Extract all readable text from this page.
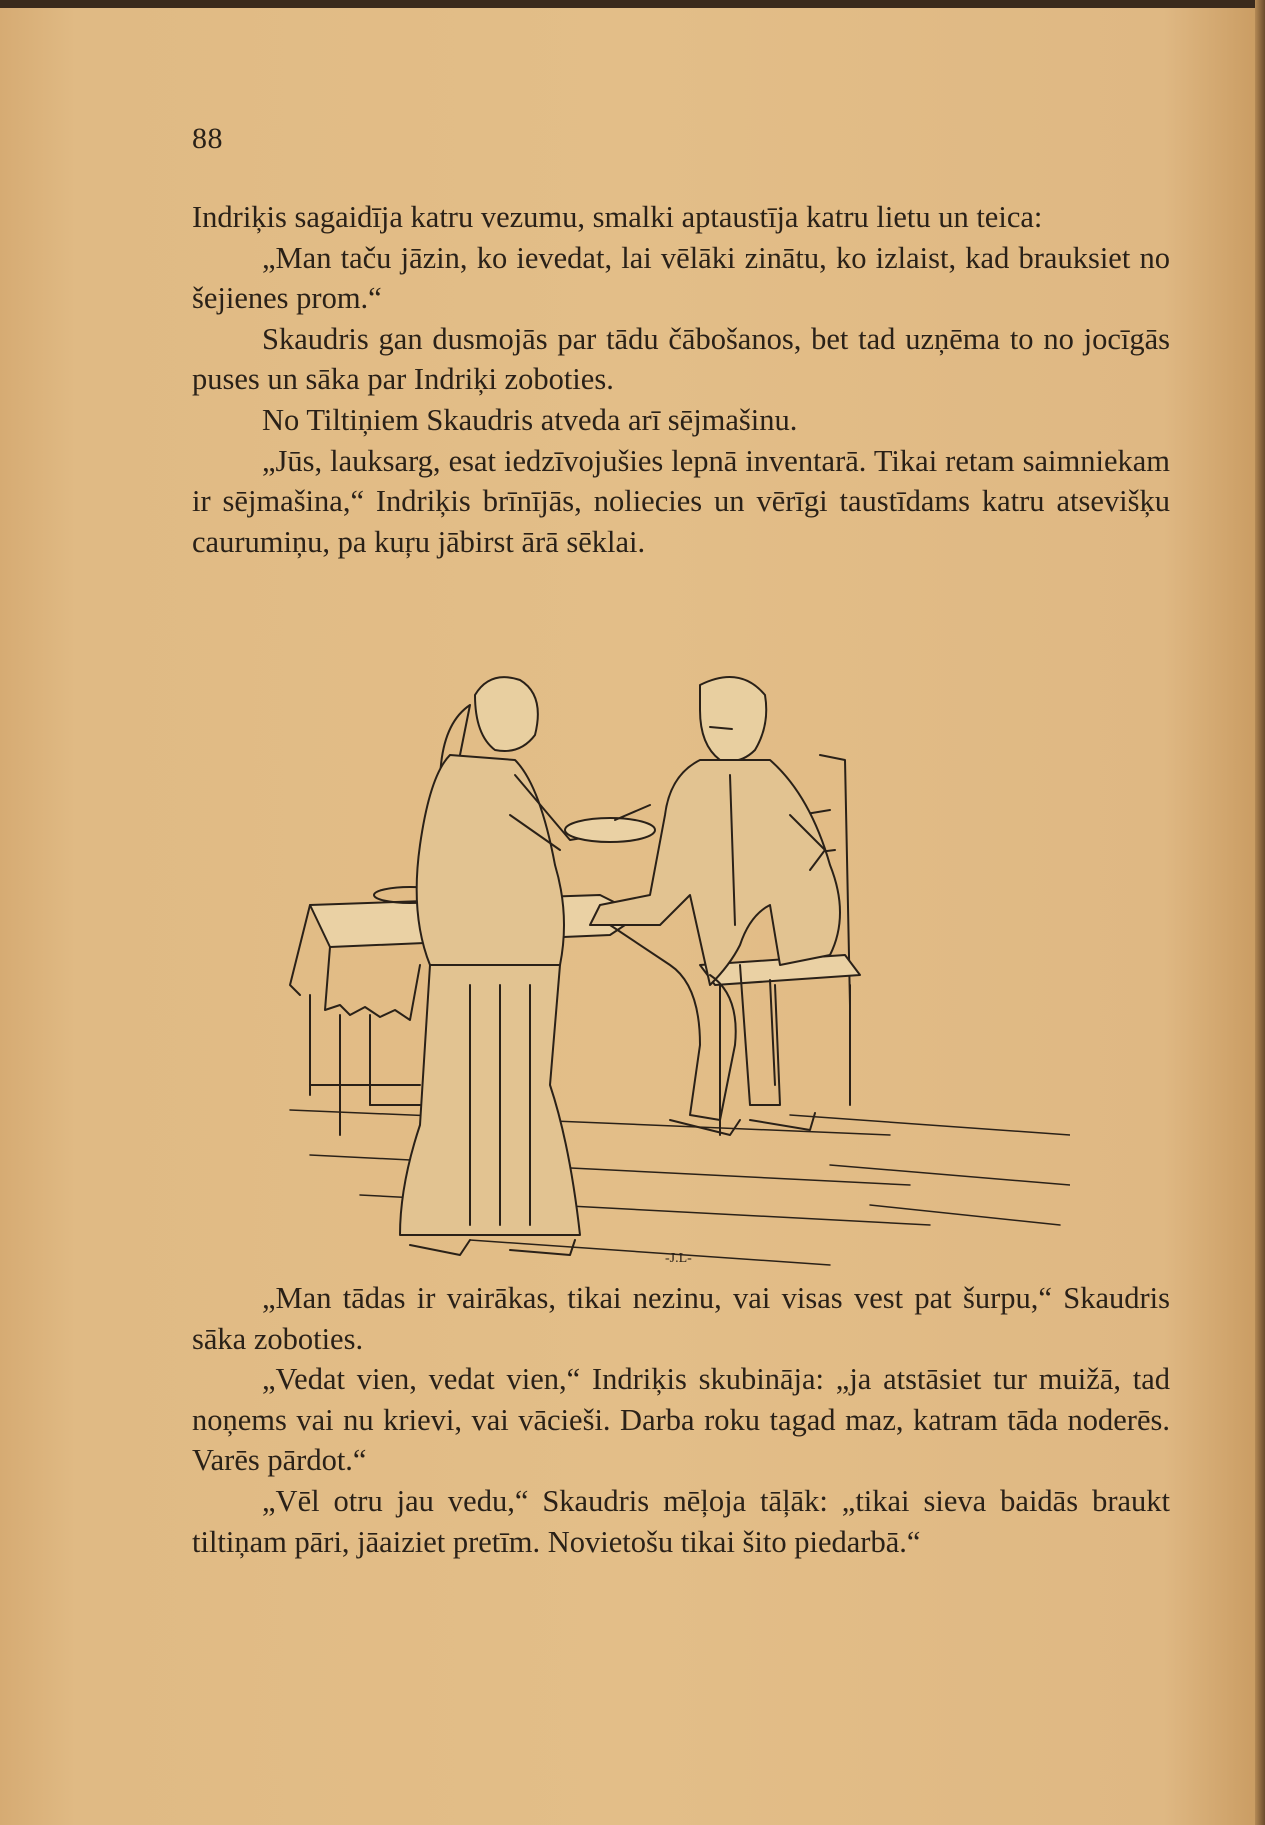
88

Indriķis sagaidīja katru vezumu, smalki aptaustīja katru lietu un teica:

„Man taču jāzin, ko ievedat, lai vēlāki zinātu, ko izlaist, kad brauksiet no šejienes prom.“

Skaudris gan dusmojās par tādu čābošanos, bet tad uzņēma to no jocīgās puses un sāka par Indriķi zoboties.

No Tiltiņiem Skaudris atveda arī sējmašinu.

„Jūs, lauksarg, esat iedzīvojušies lepnā inventarā. Tikai retam saimniekam ir sējmašina,“ Indriķis brīnījās, noliecies un vērīgi taustīdams katru atsevišķu caurumiņu, pa kuŗu jābirst ārā sēklai.

-J.L-

„Man tādas ir vairākas, tikai nezinu, vai visas vest pat šurpu,“ Skaudris sāka zoboties.

„Vedat vien, vedat vien,“ Indriķis skubināja: „ja atstāsiet tur muižā, tad noņems vai nu krievi, vai vācieši. Darba roku tagad maz, katram tāda noderēs. Varēs pārdot.“

„Vēl otru jau vedu,“ Skaudris mēļoja tāļāk: „tikai sieva baidās braukt tiltiņam pāri, jāaiziet pretīm. Novietošu tikai šito piedarbā.“
